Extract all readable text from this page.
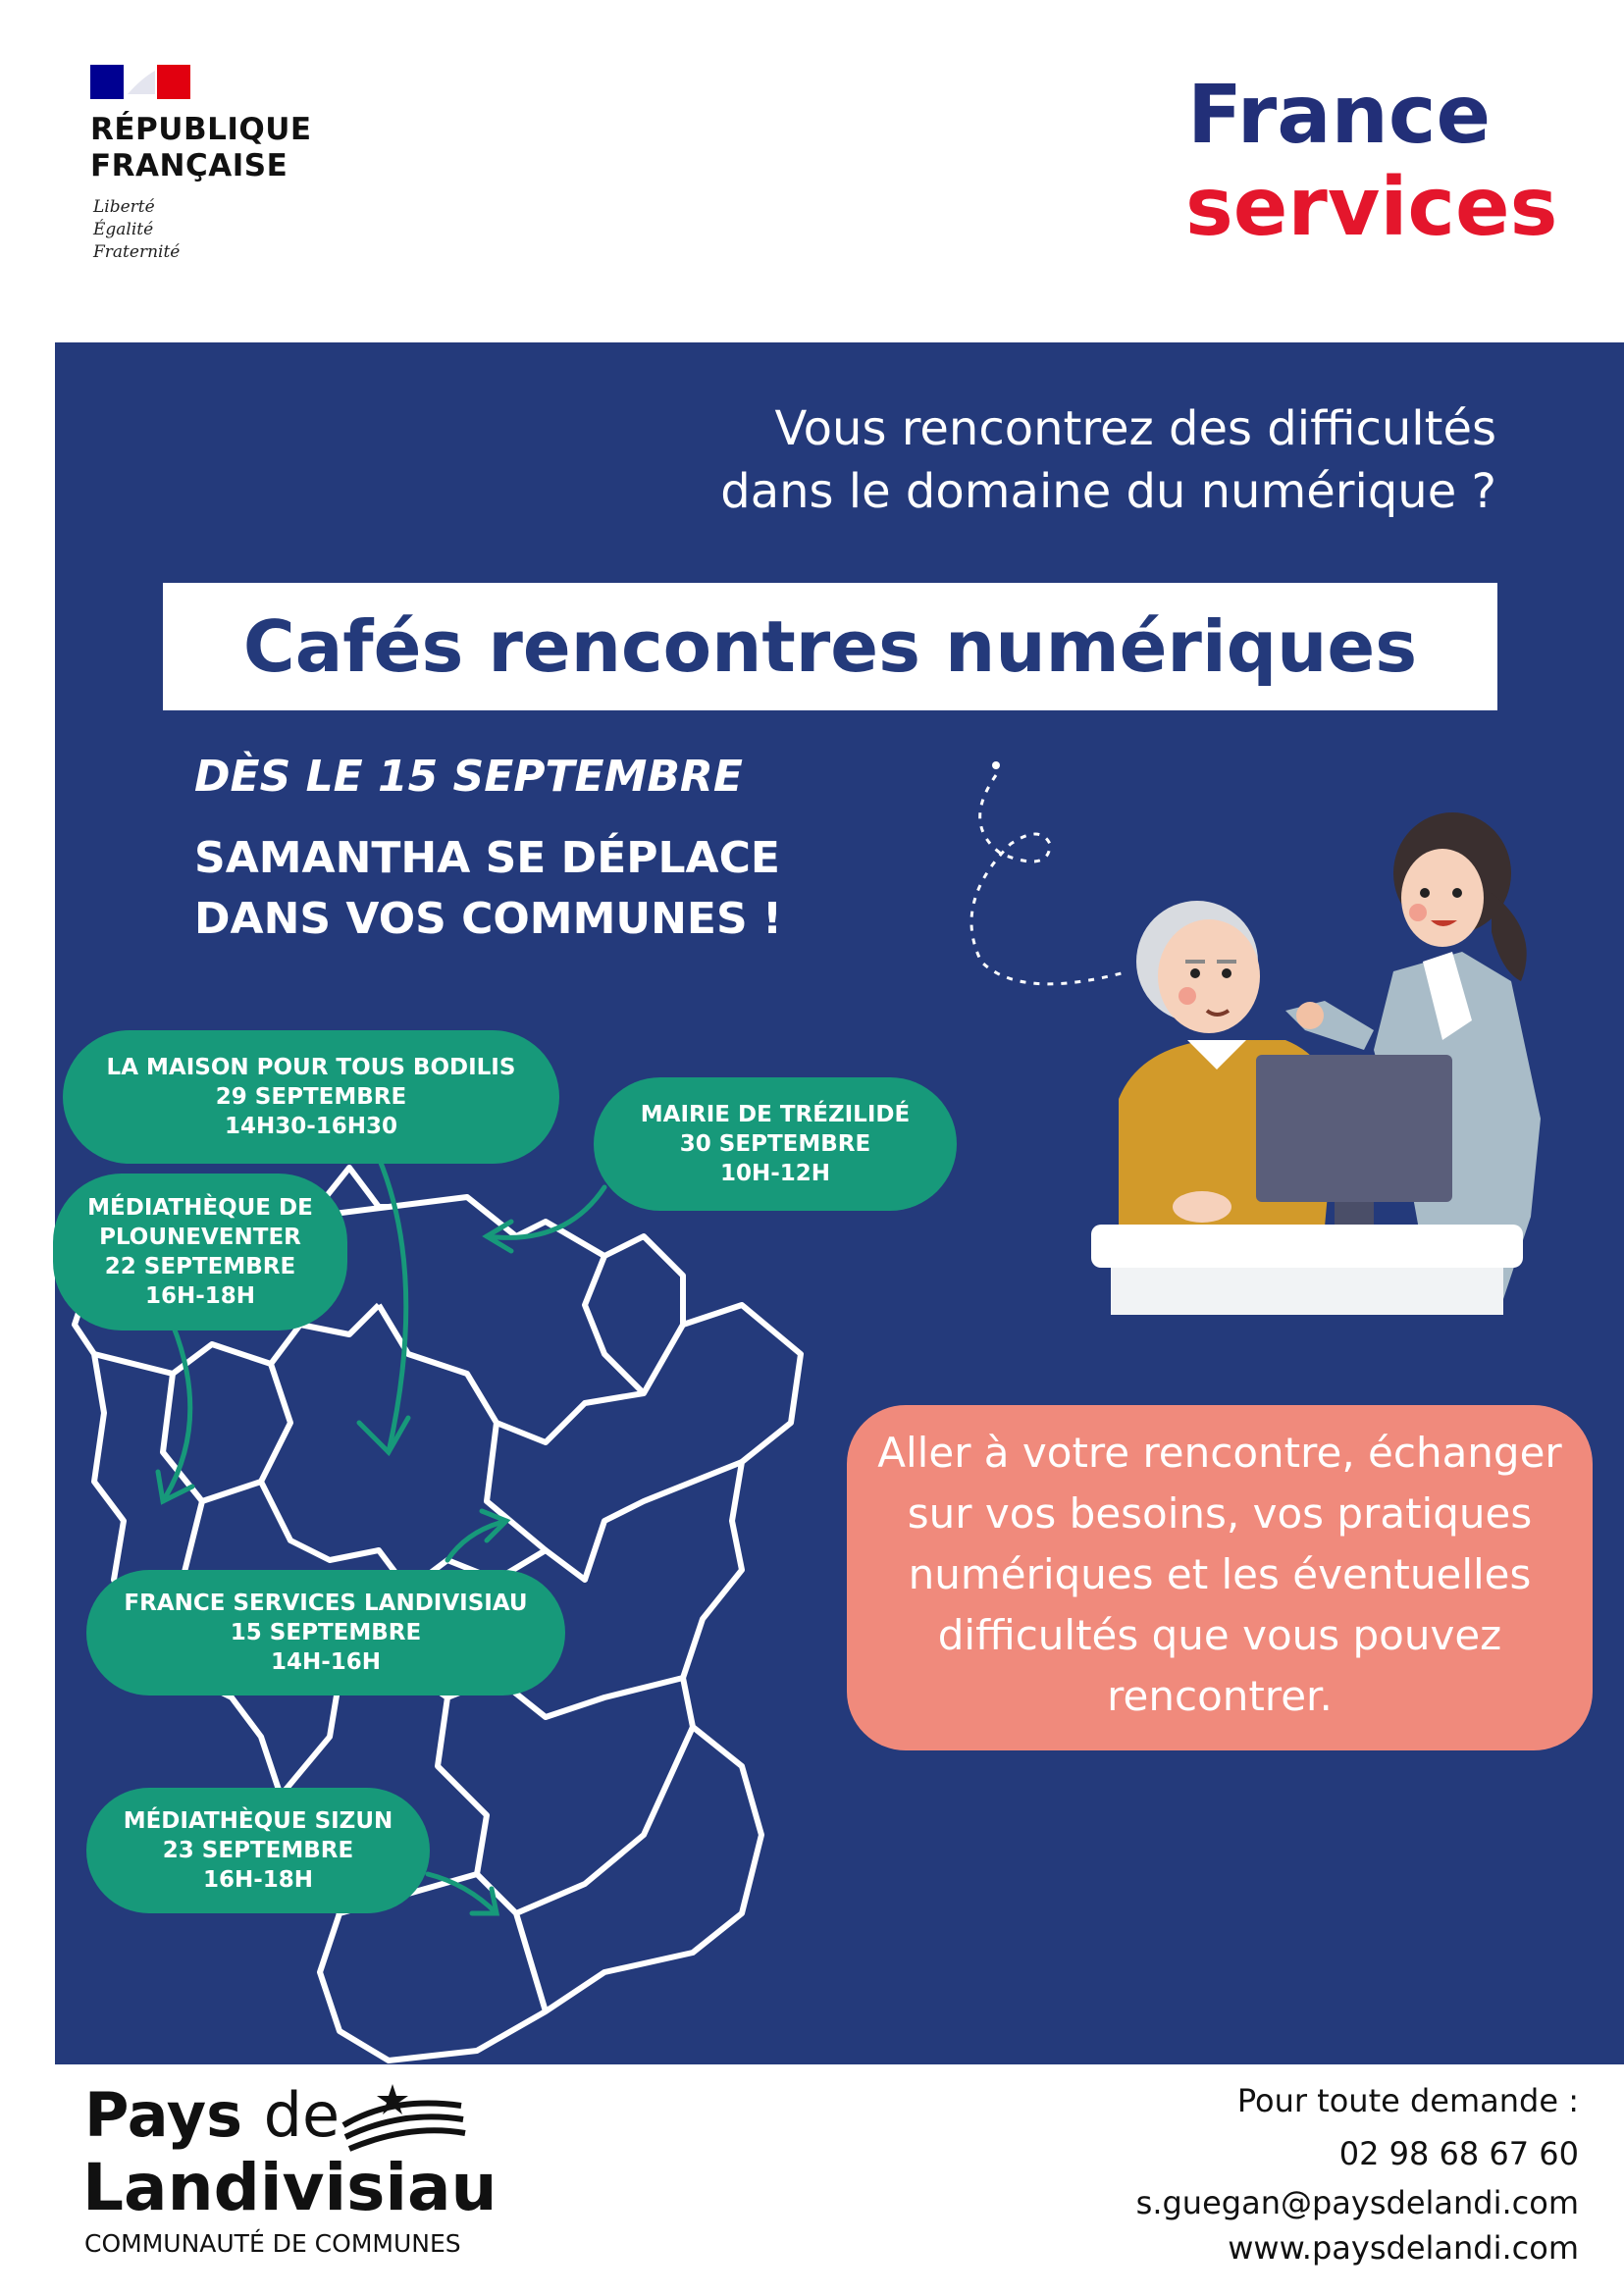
RÉPUBLIQUE
FRANÇAISE
Liberté
Égalité
Fraternité
France
services
Vous rencontrez des difficultés
dans le domaine du numérique ?
Cafés rencontres numériques
DÈS LE 15 SEPTEMBRE
SAMANTHA SE DÉPLACE
DANS VOS COMMUNES !
LA MAISON POUR TOUS BODILIS
29 SEPTEMBRE
14H30-16H30	MAIRIE DE TRÉZILIDÉ
30 SEPTEMBRE
10H-12H
MÉDIATHÈQUE DE
PLOUNEVENTER
22 SEPTEMBRE
16H-18H
FRANCE SERVICES LANDIVISIAU
15 SEPTEMBRE
14H-16H
MÉDIATHÈQUE SIZUN
23 SEPTEMBRE
16H-18H
Aller à votre rencontre, échanger
sur vos besoins, vos pratiques
numériques et les éventuelles
difficultés que vous pouvez
rencontrer.
Pays de
Landivisiau
COMMUNAUTÉ DE COMMUNES
Pour toute demande :
02 98 68 67 60
s.guegan@paysdelandi.com
www.paysdelandi.com
